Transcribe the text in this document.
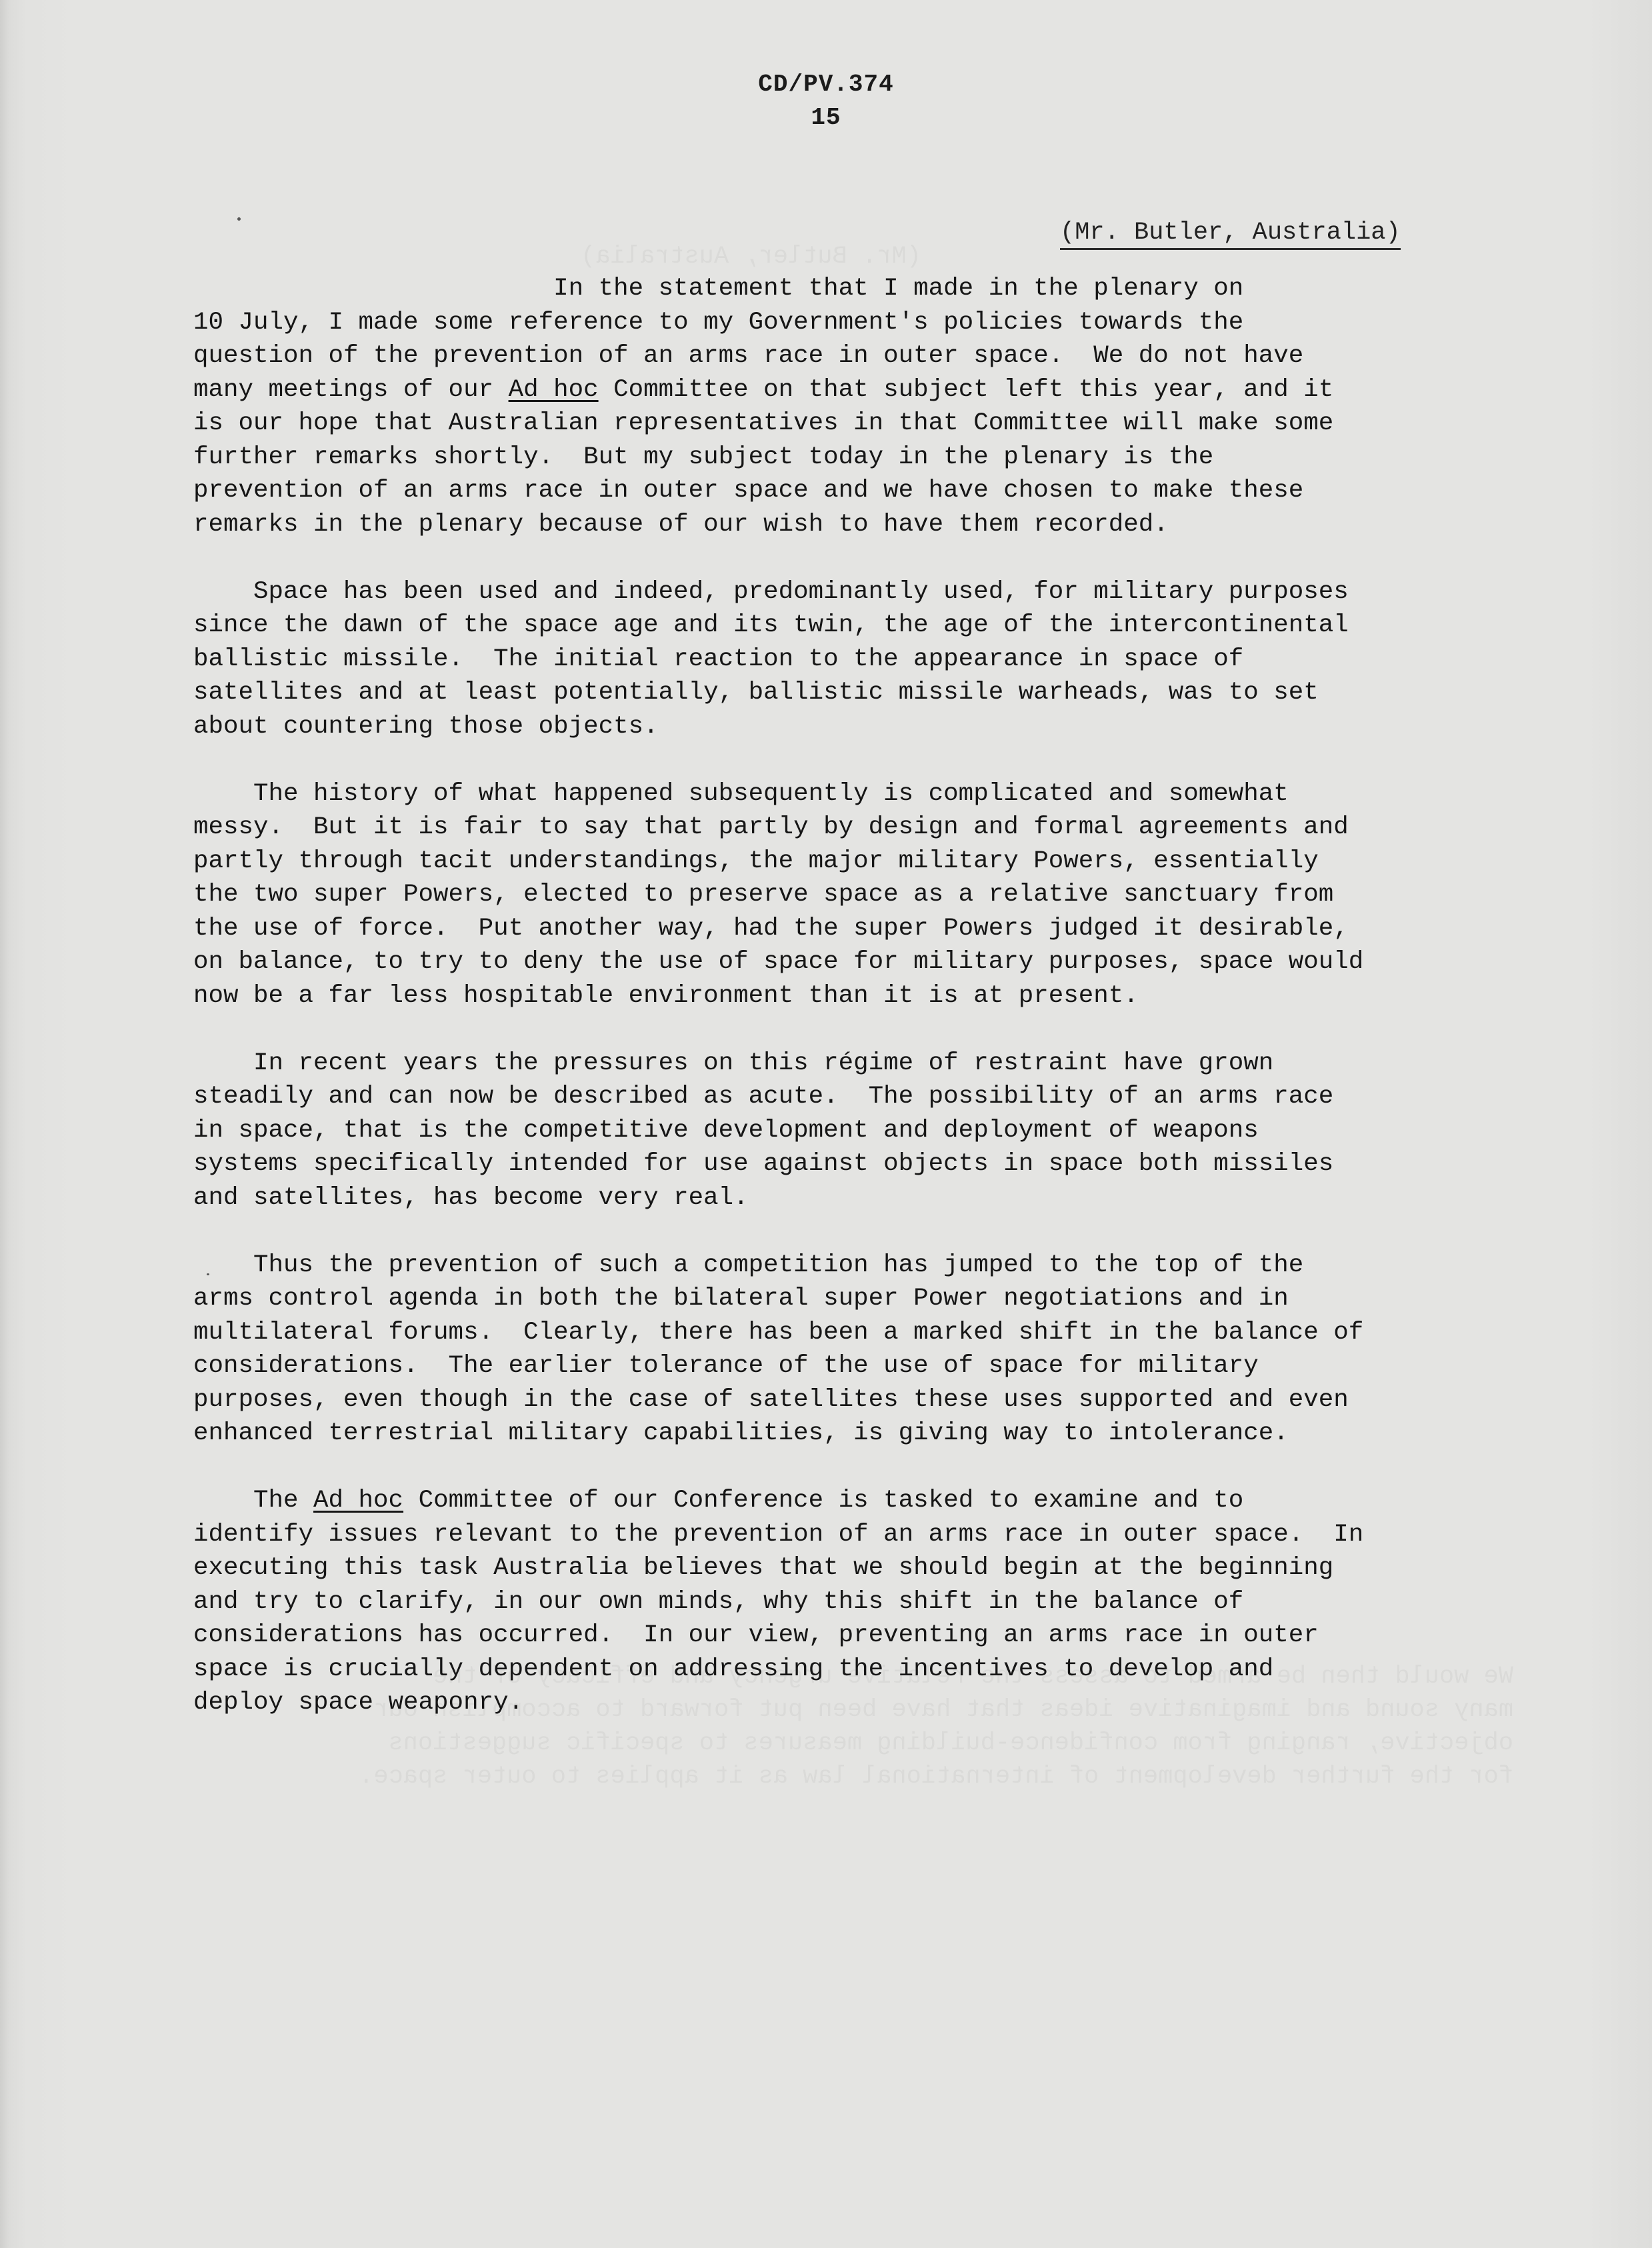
CD/PV.374
15
(Mr. Butler, Australia)
In the statement that I made in the plenary on
10 July, I made some reference to my Government's policies towards the
question of the prevention of an arms race in outer space.  We do not have
many meetings of our Ad hoc Committee on that subject left this year, and it
is our hope that Australian representatives in that Committee will make some
further remarks shortly.  But my subject today in the plenary is the
prevention of an arms race in outer space and we have chosen to make these
remarks in the plenary because of our wish to have them recorded.
Space has been used and indeed, predominantly used, for military purposes
since the dawn of the space age and its twin, the age of the intercontinental
ballistic missile.  The initial reaction to the appearance in space of
satellites and at least potentially, ballistic missile warheads, was to set
about countering those objects.
The history of what happened subsequently is complicated and somewhat
messy.  But it is fair to say that partly by design and formal agreements and
partly through tacit understandings, the major military Powers, essentially
the two super Powers, elected to preserve space as a relative sanctuary from
the use of force.  Put another way, had the super Powers judged it desirable,
on balance, to try to deny the use of space for military purposes, space would
now be a far less hospitable environment than it is at present.
In recent years the pressures on this régime of restraint have grown
steadily and can now be described as acute.  The possibility of an arms race
in space, that is the competitive development and deployment of weapons
systems specifically intended for use against objects in space both missiles
and satellites, has become very real.
Thus the prevention of such a competition has jumped to the top of the
arms control agenda in both the bilateral super Power negotiations and in
multilateral forums.  Clearly, there has been a marked shift in the balance of
considerations.  The earlier tolerance of the use of space for military
purposes, even though in the case of satellites these uses supported and even
enhanced terrestrial military capabilities, is giving way to intolerance.
The Ad hoc Committee of our Conference is tasked to examine and to
identify issues relevant to the prevention of an arms race in outer space.  In
executing this task Australia believes that we should begin at the beginning
and try to clarify, in our own minds, why this shift in the balance of
considerations has occurred.  In our view, preventing an arms race in outer
space is crucially dependent on addressing the incentives to develop and
deploy space weaponry.
